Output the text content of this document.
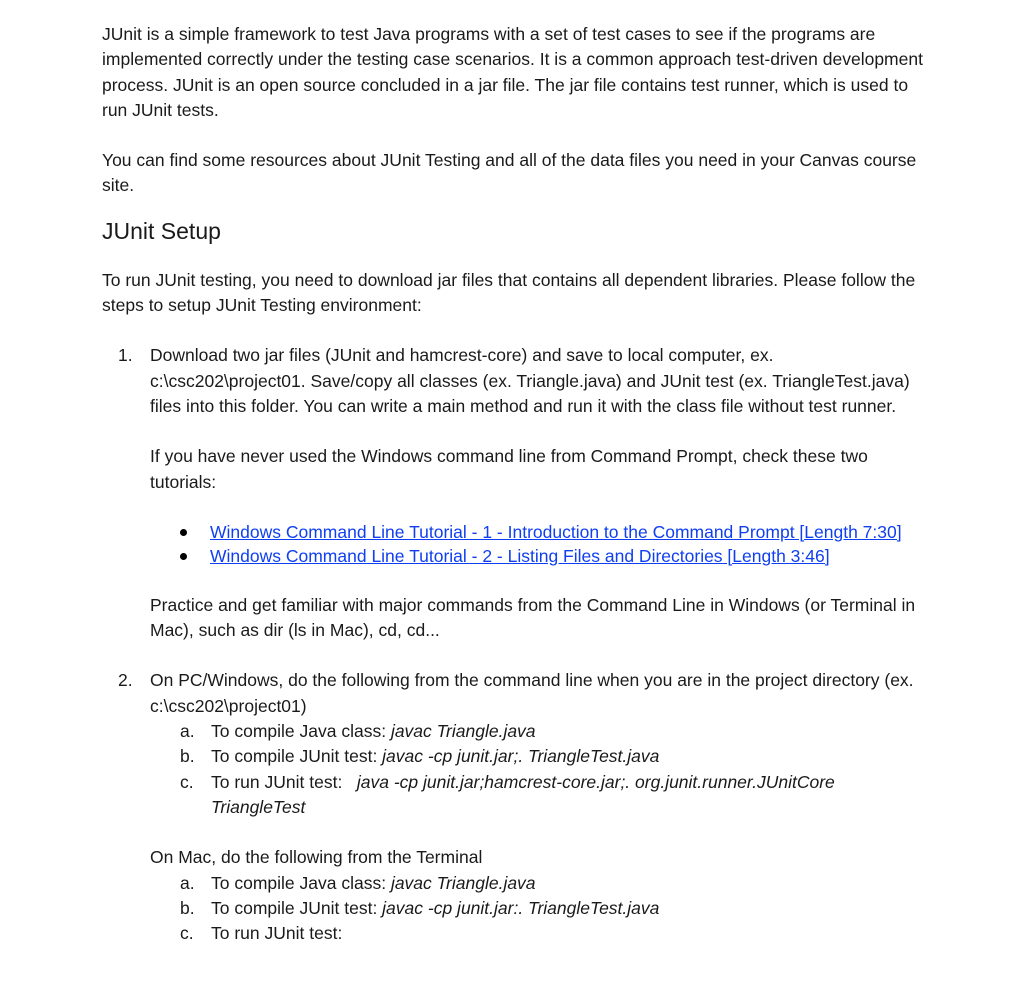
JUnit is a simple framework to test Java programs with a set of test cases to see if the programs are implemented correctly under the testing case scenarios. It is a common approach test-driven development process. JUnit is an open source concluded in a jar file. The jar file contains test runner, which is used to run JUnit tests.

You can find some resources about JUnit Testing and all of the data files you need in your Canvas course site.

JUnit Setup

To run JUnit testing, you need to download jar files that contains all dependent libraries. Please follow the steps to setup JUnit Testing environment:

1. Download two jar files (JUnit and hamcrest-core) and save to local computer, ex. c:\csc202\project01. Save/copy all classes (ex. Triangle.java) and JUnit test (ex. TriangleTest.java) files into this folder. You can write a main method and run it with the class file without test runner.

If you have never used the Windows command line from Command Prompt, check these two tutorials:

Windows Command Line Tutorial - 1 - Introduction to the Command Prompt [Length 7:30]
Windows Command Line Tutorial - 2 - Listing Files and Directories [Length 3:46]

Practice and get familiar with major commands from the Command Line in Windows (or Terminal in Mac), such as dir (ls in Mac), cd, cd...

2. On PC/Windows, do the following from the command line when you are in the project directory (ex. c:\csc202\project01)

a. To compile Java class: javac Triangle.java
b. To compile JUnit test: javac -cp junit.jar;. TriangleTest.java
c. To run JUnit test:   java -cp junit.jar;hamcrest-core.jar;. org.junit.runner.JUnitCore TriangleTest

On Mac, do the following from the Terminal

a. To compile Java class: javac Triangle.java
b. To compile JUnit test: javac -cp junit.jar:. TriangleTest.java
c. To run JUnit test:
